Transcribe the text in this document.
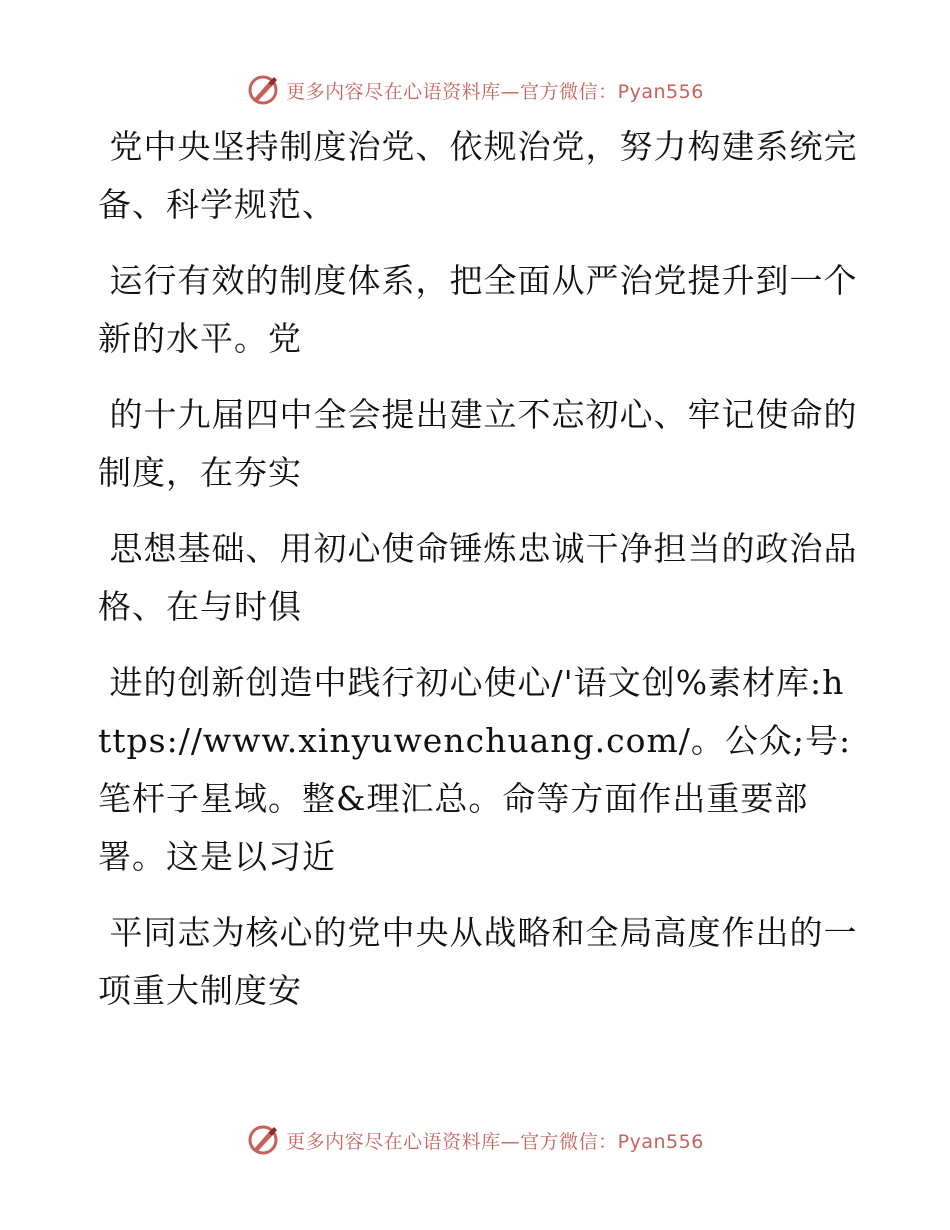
更多内容尽在心语资料库—官方微信：Pyan556

党中央坚持制度治党、依规治党，努力构建系统完备、科学规范、

运行有效的制度体系，把全面从严治党提升到一个新的水平。党

的十九届四中全会提出建立不忘初心、牢记使命的制度，在夯实

思想基础、用初心使命锤炼忠诚干净担当的政治品格、在与时俱

进的创新创造中践行初心使心/'语文创%素材库:https://www.xinyuwenchuang.com/。公众;号:笔杆子星域。整&理汇总。命等方面作出重要部署。这是以习近

平同志为核心的党中央从战略和全局高度作出的一项重大制度安

更多内容尽在心语资料库—官方微信：Pyan556
